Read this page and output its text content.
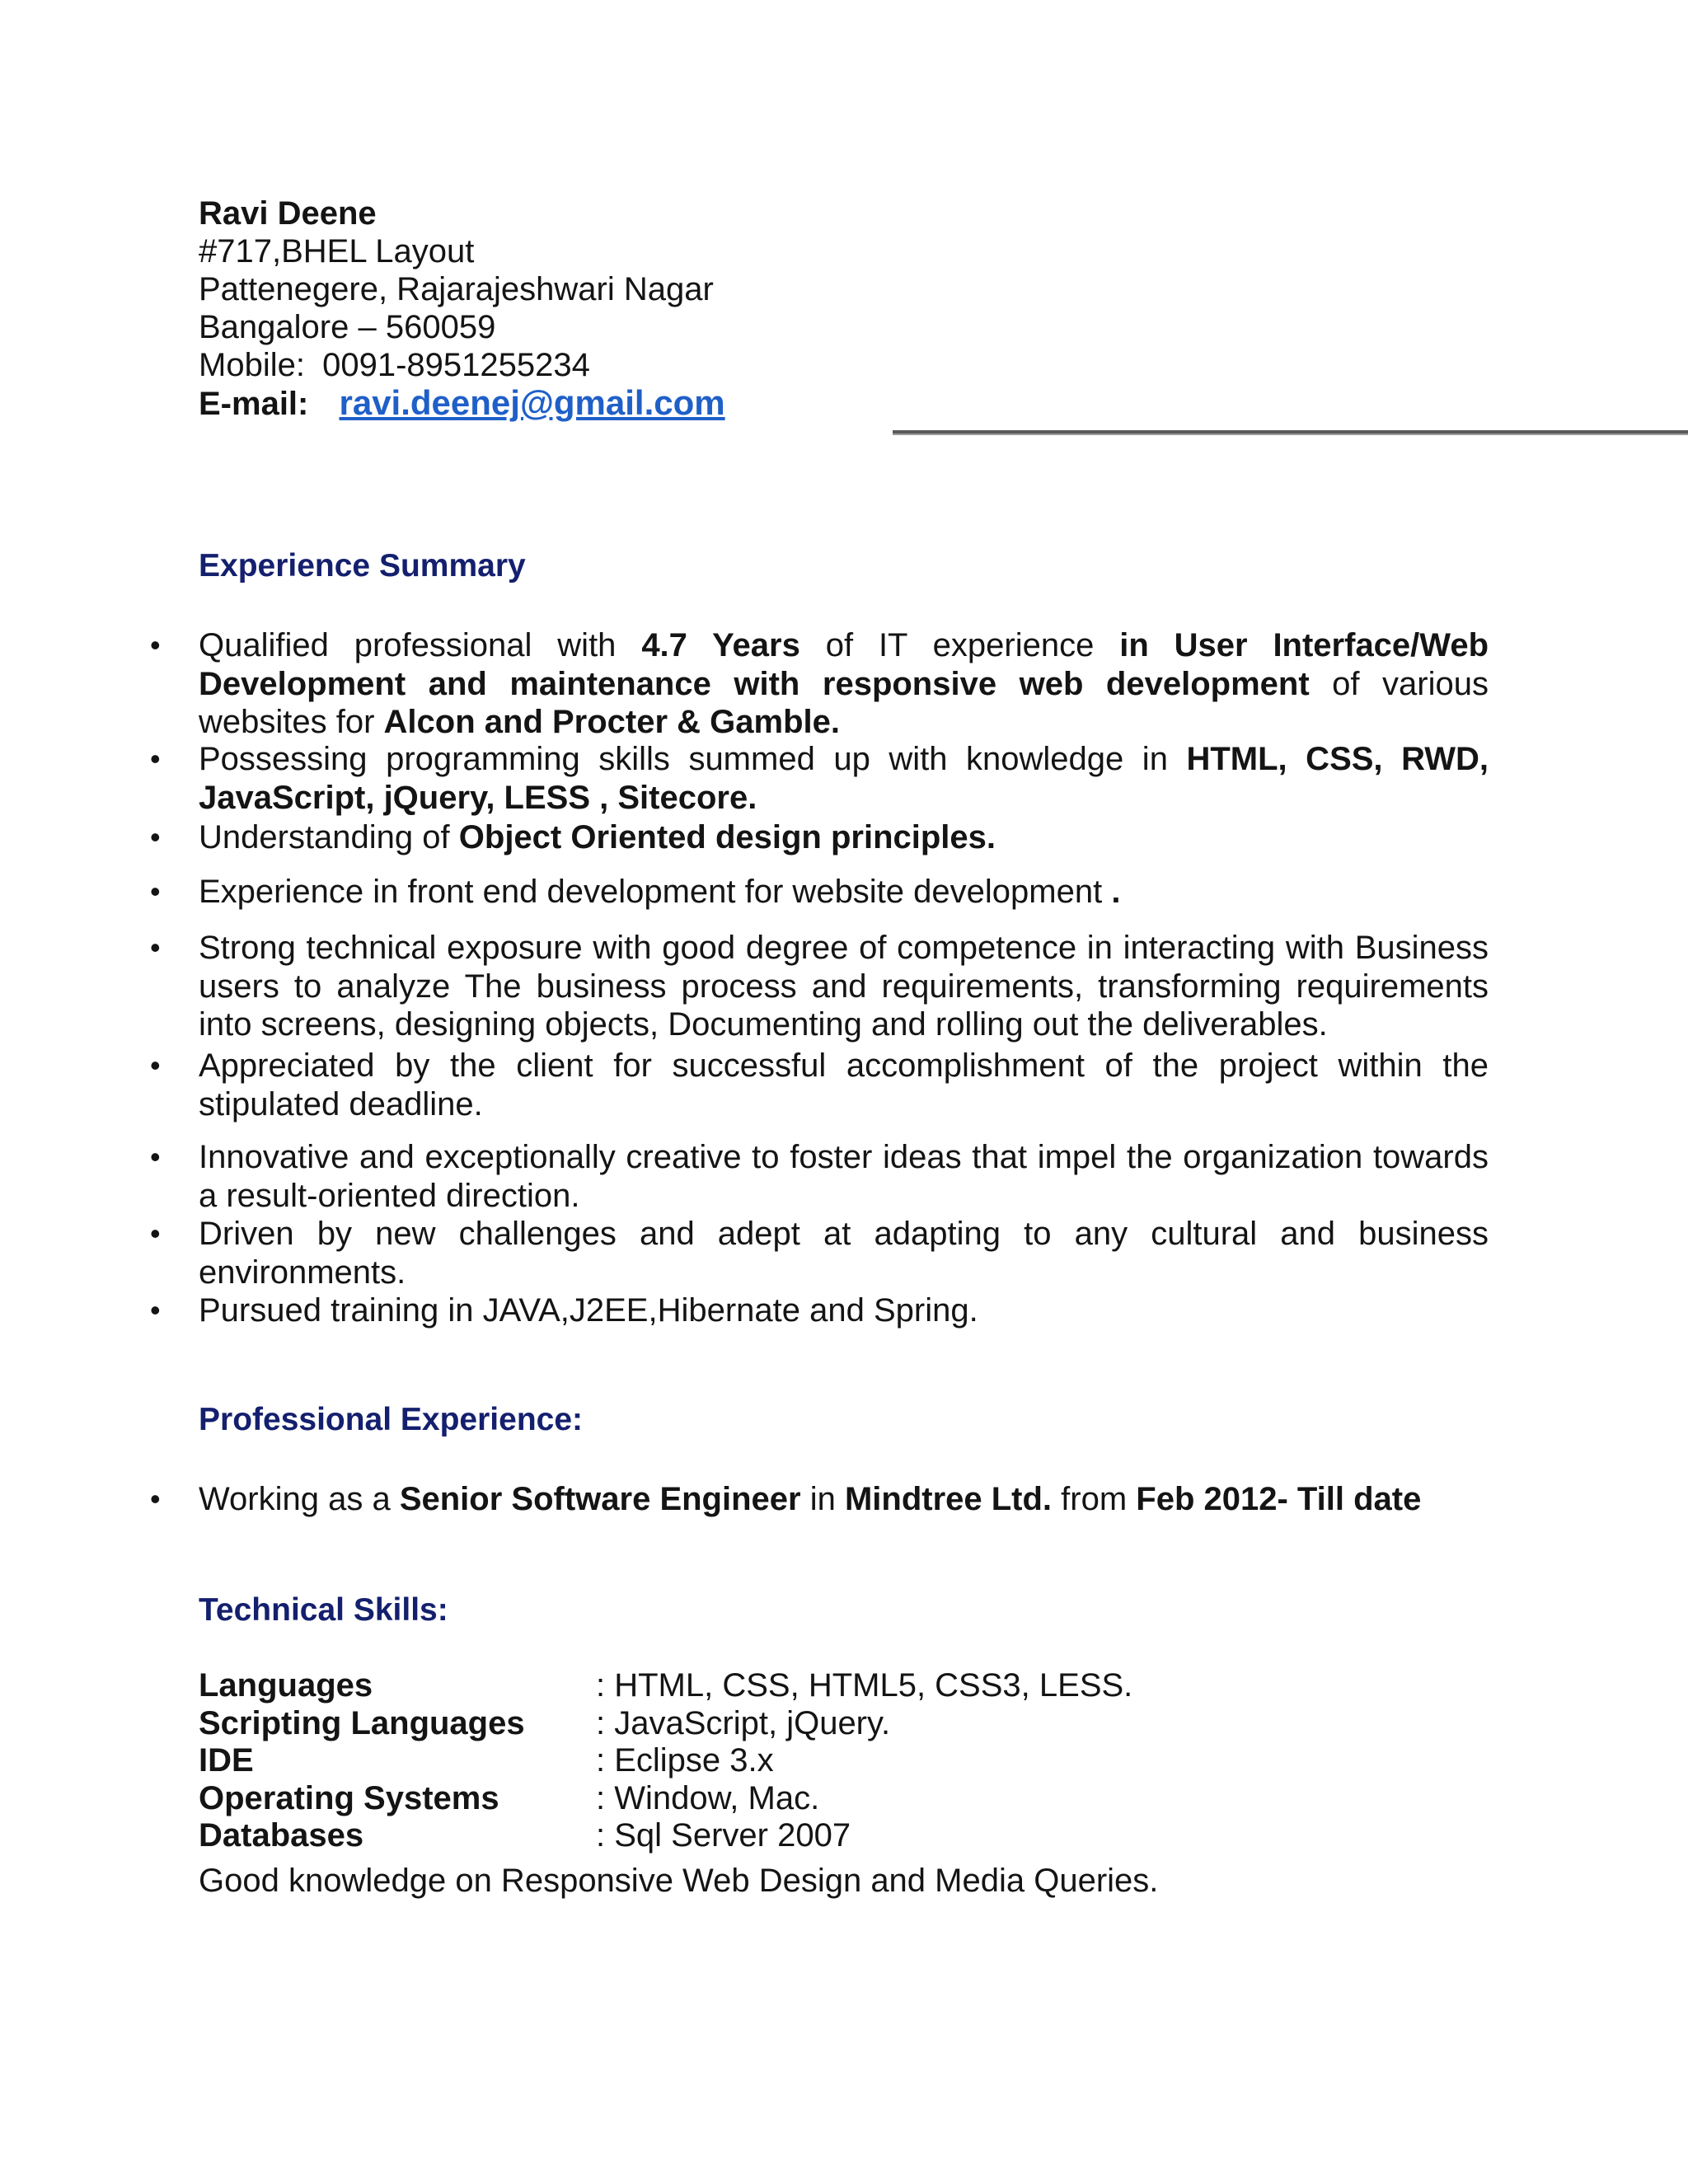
Ravi Deene
#717,BHEL Layout
Pattenegere, Rajarajeshwari Nagar
Bangalore – 560059
Mobile: 0091-8951255234
E-mail: ravi.deenej@gmail.com
Experience Summary
• Qualified professional with 4.7 Years of IT experience in User Interface/Web Development and maintenance with responsive web development of various websites for Alcon and Procter & Gamble.
• Possessing programming skills summed up with knowledge in HTML, CSS, RWD, JavaScript, jQuery, LESS , Sitecore.
• Understanding of Object Oriented design principles.
• Experience in front end development for website development .
• Strong technical exposure with good degree of competence in interacting with Business users to analyze The business process and requirements, transforming requirements into screens, designing objects, Documenting and rolling out the deliverables.
• Appreciated by the client for successful accomplishment of the project within the stipulated deadline.
• Innovative and exceptionally creative to foster ideas that impel the organization towards a result-oriented direction.
• Driven by new challenges and adept at adapting to any cultural and business environments.
• Pursued training in JAVA,J2EE,Hibernate and Spring.
Professional Experience:
• Working as a Senior Software Engineer in Mindtree Ltd. from Feb 2012- Till date
Technical Skills:
Languages	: HTML, CSS, HTML5, CSS3, LESS.
Scripting Languages : JavaScript, jQuery.
IDE	: Eclipse 3.x
Operating Systems	: Window, Mac.
Databases	: Sql Server 2007
Good knowledge on Responsive Web Design and Media Queries.
